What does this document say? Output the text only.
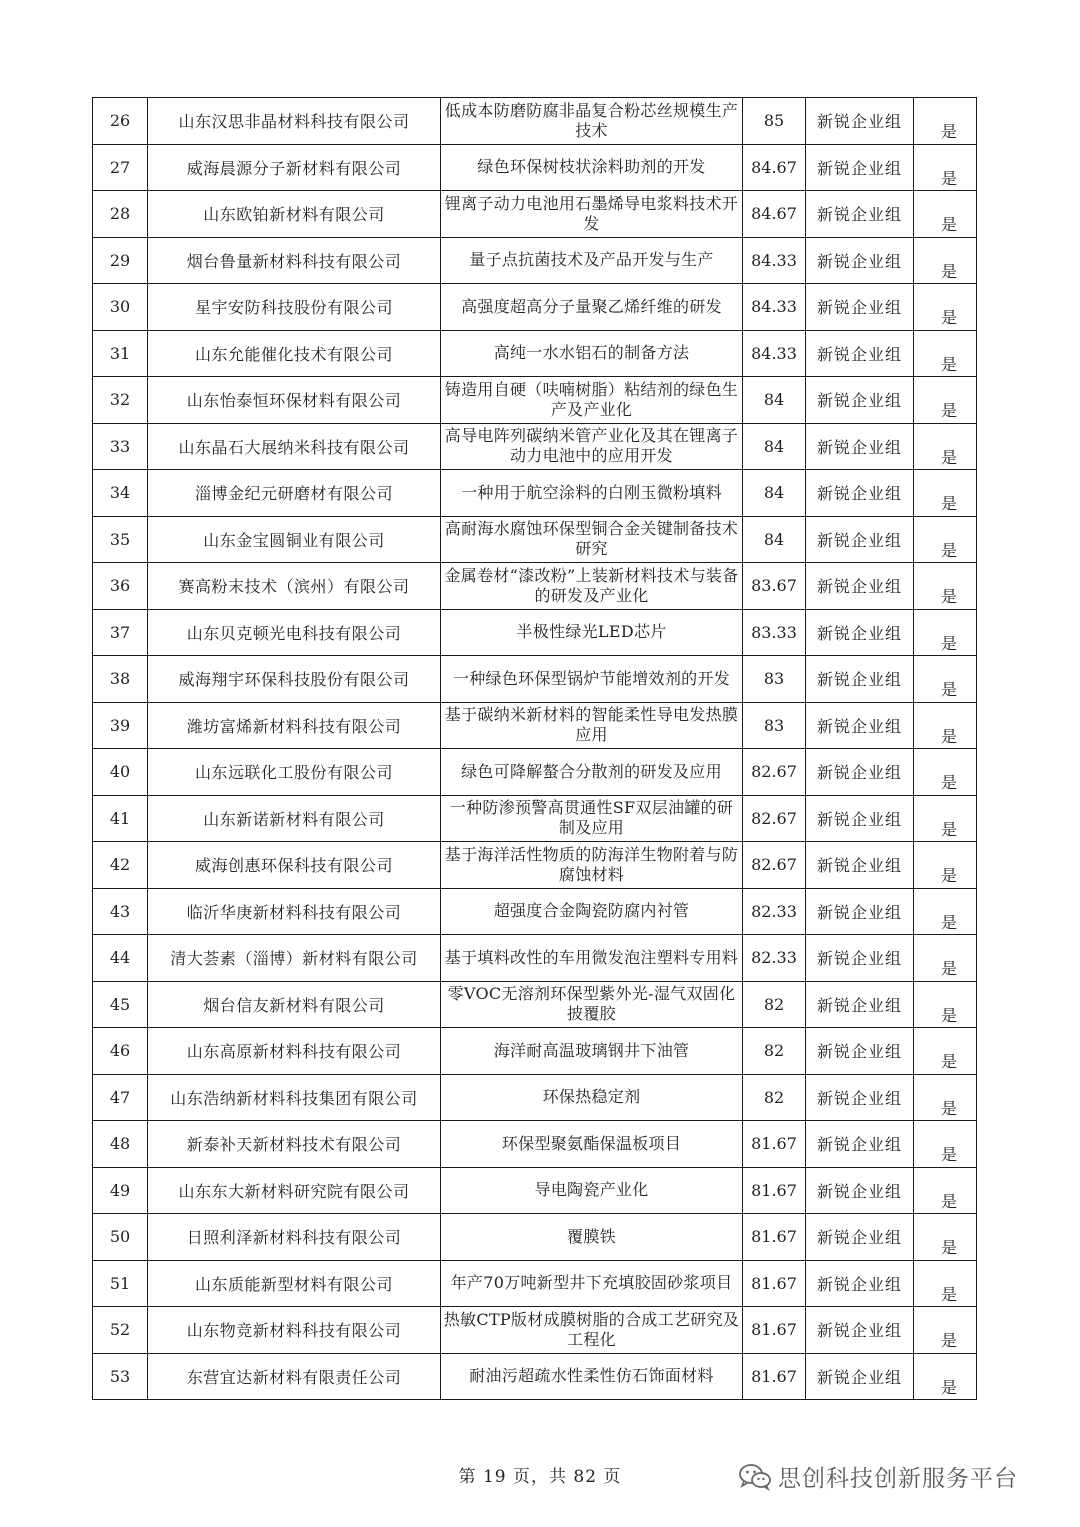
26	山东汉思非晶材料科技有限公司	低成本防磨防腐非晶复合粉芯丝规模生产技术	85	新锐企业组	是
27	威海晨源分子新材料有限公司	绿色环保树枝状涂料助剂的开发	84.67	新锐企业组	是
28	山东欧铂新材料有限公司	锂离子动力电池用石墨烯导电浆料技术开发	84.67	新锐企业组	是
29	烟台鲁量新材料科技有限公司	量子点抗菌技术及产品开发与生产	84.33	新锐企业组	是
30	星宇安防科技股份有限公司	高强度超高分子量聚乙烯纤维的研发	84.33	新锐企业组	是
31	山东允能催化技术有限公司	高纯一水水铝石的制备方法	84.33	新锐企业组	是
32	山东怡泰恒环保材料有限公司	铸造用自硬（呋喃树脂）粘结剂的绿色生产及产业化	84	新锐企业组	是
33	山东晶石大展纳米科技有限公司	高导电阵列碳纳米管产业化及其在锂离子动力电池中的应用开发	84	新锐企业组	是
34	淄博金纪元研磨材有限公司	一种用于航空涂料的白刚玉微粉填料	84	新锐企业组	是
35	山东金宝圆铜业有限公司	高耐海水腐蚀环保型铜合金关键制备技术研究	84	新锐企业组	是
36	赛高粉末技术（滨州）有限公司	金属卷材“漆改粉”上装新材料技术与装备的研发及产业化	83.67	新锐企业组	是
37	山东贝克顿光电科技有限公司	半极性绿光LED芯片	83.33	新锐企业组	是
38	威海翔宇环保科技股份有限公司	一种绿色环保型锅炉节能增效剂的开发	83	新锐企业组	是
39	潍坊富烯新材料科技有限公司	基于碳纳米新材料的智能柔性导电发热膜应用	83	新锐企业组	是
40	山东远联化工股份有限公司	绿色可降解螯合分散剂的研发及应用	82.67	新锐企业组	是
41	山东新诺新材料有限公司	一种防渗预警高贯通性SF双层油罐的研制及应用	82.67	新锐企业组	是
42	威海创惠环保科技有限公司	基于海洋活性物质的防海洋生物附着与防腐蚀材料	82.67	新锐企业组	是
43	临沂华庚新材料科技有限公司	超强度合金陶瓷防腐内衬管	82.33	新锐企业组	是
44	清大荟素（淄博）新材料有限公司	基于填料改性的车用微发泡注塑料专用料	82.33	新锐企业组	是
45	烟台信友新材料有限公司	零VOC无溶剂环保型紫外光-湿气双固化披覆胶	82	新锐企业组	是
46	山东高原新材料科技有限公司	海洋耐高温玻璃钢井下油管	82	新锐企业组	是
47	山东浩纳新材料科技集团有限公司	环保热稳定剂	82	新锐企业组	是
48	新泰补天新材料技术有限公司	环保型聚氨酯保温板项目	81.67	新锐企业组	是
49	山东东大新材料研究院有限公司	导电陶瓷产业化	81.67	新锐企业组	是
50	日照利泽新材料科技有限公司	覆膜铁	81.67	新锐企业组	是
51	山东质能新型材料有限公司	年产70万吨新型井下充填胶固砂浆项目	81.67	新锐企业组	是
52	山东物竞新材料科技有限公司	热敏CTP版材成膜树脂的合成工艺研究及工程化	81.67	新锐企业组	是
53	东营宜达新材料有限责任公司	耐油污超疏水性柔性仿石饰面材料	81.67	新锐企业组	是
第 19 页，共 82 页	思创科技创新服务平台
